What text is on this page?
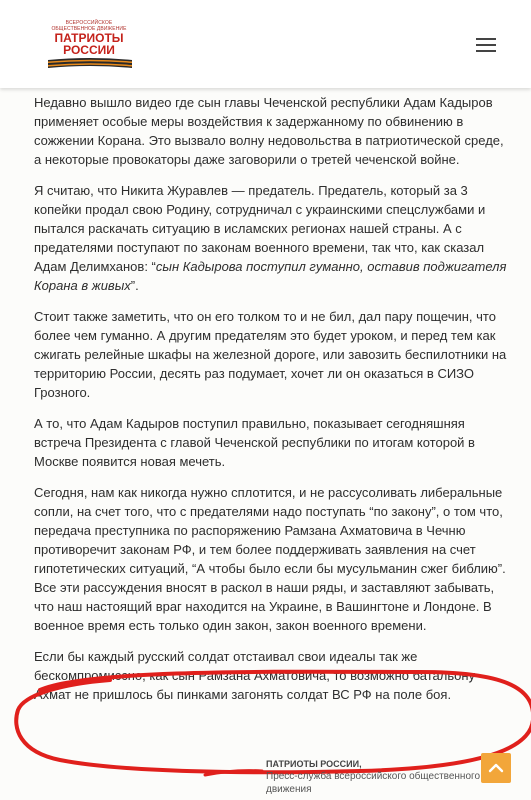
ВСЕРОССИЙСКОЕ ОБЩЕСТВЕННОЕ ДВИЖЕНИЕ
ПАТРИОТЫ
РОССИИ

Недавно вышло видео где сын главы Чеченской республики Адам Кадыров применяет особые меры воздействия к задержанному по обвинению в сожжении Корана. Это вызвало волну недовольства в патриотической среде, а некоторые провокаторы даже заговорили о третей чеченской войне.

Я считаю, что Никита Журавлев — предатель. Предатель, который за 3 копейки продал свою Родину, сотрудничал с украинскими спецслужбами и пытался раскачать ситуацию в исламских регионах нашей страны. А с предателями поступают по законам военного времени, так что, как сказал Адам Делимханов: “сын Кадырова поступил гуманно, оставив поджигателя Корана в живых”.

Стоит также заметить, что он его толком то и не бил, дал пару пощечин, что более чем гуманно. А другим предателям это будет уроком, и перед тем как сжигать релейные шкафы на железной дороге, или завозить беспилотники на территорию России, десять раз подумает, хочет ли он оказаться в СИЗО Грозного.

А то, что Адам Кадыров поступил правильно, показывает сегодняшняя встреча Президента с главой Чеченской республики по итогам которой в Москве появится новая мечеть.

Сегодня, нам как никогда нужно сплотится, и не рассусоливать либеральные сопли, на счет того, что с предателями надо поступать “по закону”, о том что, передача преступника по распоряжению Рамзана Ахматовича в Чечню противоречит законам РФ, и тем более поддерживать заявления на счет гипотетических ситуаций, “А чтобы было если бы мусульманин сжег библию”. Все эти рассуждения вносят в раскол в наши ряды, и заставляют забывать, что наш настоящий враг находится на Украине, в Вашингтоне и Лондоне. В военное время есть только один закон, закон военного времени.

Если бы каждый русский солдат отстаивал свои идеалы так же бескомпромиссно, как сын Рамзана Ахматовича, то возможно батальону Ахмат не пришлось бы пинками загонять солдат ВС РФ на поле боя.

ПАТРИОТЫ РОССИИ,
Пресс-служба всероссийского общественного
движения
